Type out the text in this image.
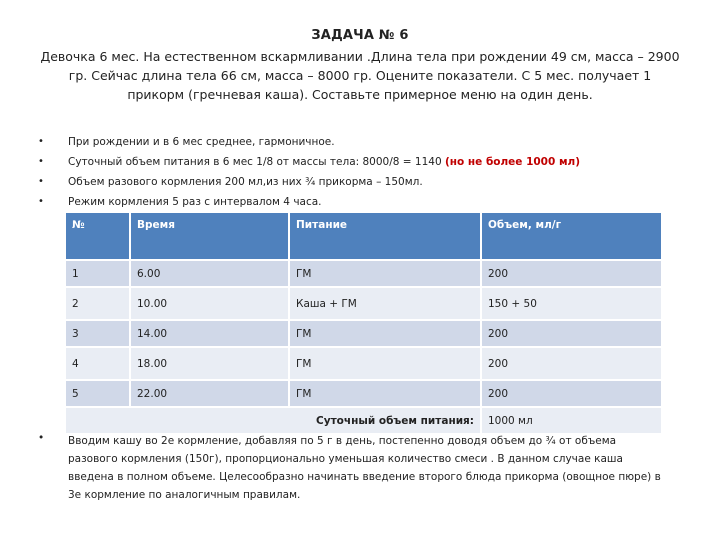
ЗАДАЧА № 6
Девочка 6 мес. На естественном вскармливании .Длина тела при рождении 49 см, масса – 2900 гр. Сейчас длина тела 66 см, масса – 8000 гр. Оцените показатели. С 5 мес. получает 1 прикорм (гречневая каша). Составьте примерное меню на один день.
• При рождении и в 6 мес среднее, гармоничное.
• Суточный объем питания в 6 мес 1/8 от массы тела: 8000/8 = 1140 (но не более 1000 мл)
• Объем разового кормления 200 мл,из них ¾ прикорма – 150мл.
• Режим кормления 5 раз с интервалом 4 часа.
№	Время	Питание	Объем, мл/г
1	6.00	ГМ	200
2	10.00	Каша + ГМ	150 + 50
3	14.00	ГМ	200
4	18.00	ГМ	200
5	22.00	ГМ	200
Суточный объем питания:			1000 мл
• Вводим кашу во 2е кормление, добавляя по 5 г в день, постепенно доводя объем до ¾ от объема разового кормления (150г), пропорционально уменьшая количество смеси . В данном случае каша введена в полном объеме. Целесообразно начинать введение второго блюда прикорма (овощное пюре) в 3е кормление по аналогичным правилам.
